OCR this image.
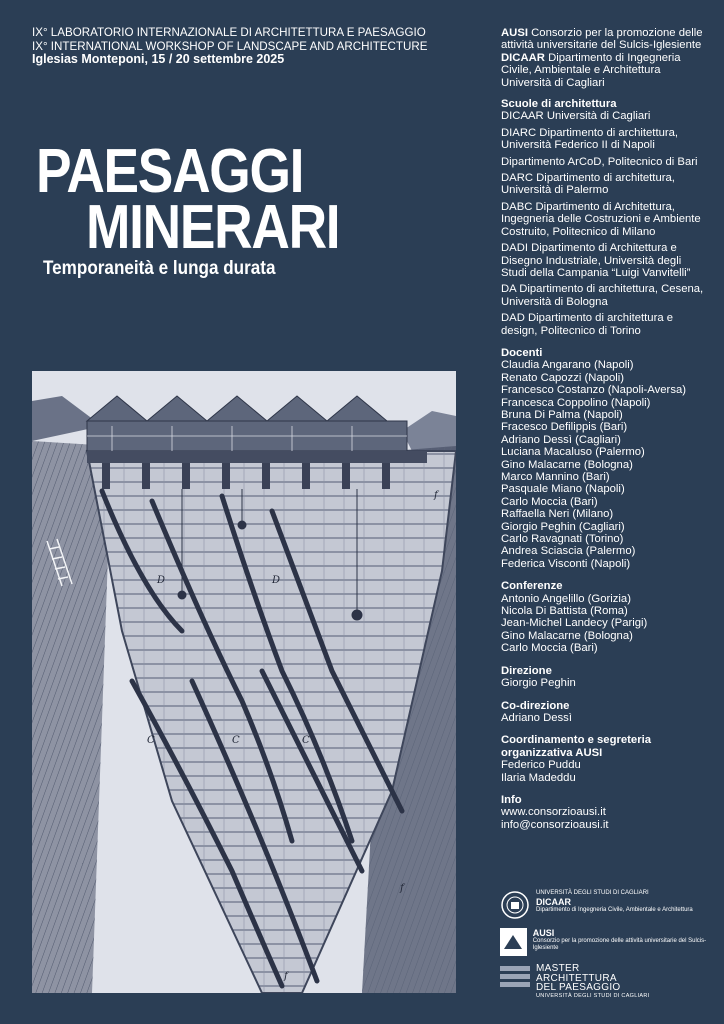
IX° LABORATORIO INTERNAZIONALE DI ARCHITETTURA E PAESAGGIO
IX° INTERNATIONAL WORKSHOP OF LANDSCAPE AND ARCHITECTURE
Iglesias Monteponi, 15 / 20 settembre 2025
PAESAGGI
MINERARI
Temporaneità e lunga durata
D	D
C	C	C
f
f
f
AUSI Consorzio per la promozione delle attività universitarie del Sulcis-Iglesiente
DICAAR Dipartimento di Ingegneria Civile, Ambientale e Architettura Università di Cagliari
Scuole di architettura
DICAAR Università di Cagliari
DIARC Dipartimento di architettura, Università Federico II di Napoli
Dipartimento ArCoD, Politecnico di Bari
DARC Dipartimento di architettura, Università di Palermo
DABC Dipartimento di Architettura, Ingegneria delle Costruzioni e Ambiente Costruito, Politecnico di Milano
DADI Dipartimento di Architettura e Disegno Industriale, Università degli Studi della Campania “Luigi Vanvitelli”
DA Dipartimento di architettura, Cesena, Università di Bologna
DAD Dipartimento di architettura e design, Politecnico di Torino
Docenti
Claudia Angarano (Napoli)
Renato Capozzi (Napoli)
Francesco Costanzo (Napoli-Aversa)
Francesca Coppolino (Napoli)
Bruna Di Palma (Napoli)
Fracesco Defilippis (Bari)
Adriano Dessì (Cagliari)
Luciana Macaluso (Palermo)
Gino Malacarne (Bologna)
Marco Mannino (Bari)
Pasquale Miano (Napoli)
Carlo Moccia (Bari)
Raffaella Neri (Milano)
Giorgio Peghin (Cagliari)
Carlo Ravagnati (Torino)
Andrea Sciascia (Palermo)
Federica Visconti (Napoli)
Conferenze
Antonio Angelillo (Gorizia)
Nicola Di Battista (Roma)
Jean-Michel Landecy (Parigi)
Gino Malacarne (Bologna)
Carlo Moccia (Bari)
Direzione
Giorgio Peghin
Co-direzione
Adriano Dessì
Coordinamento e segreteria organizzativa AUSI
Federico Puddu
Ilaria Madeddu
Info
www.consorzioausi.it
info@consorzioausi.it
UNIVERSITÀ DEGLI STUDI DI CAGLIARI
DICAAR
Dipartimento di Ingegneria Civile, Ambientale e Architettura
AUSI
Consorzio per la promozione delle attività universitarie del Sulcis-Iglesiente
MASTER
ARCHITETTURA
DEL PAESAGGIO
UNIVERSITÀ DEGLI STUDI DI CAGLIARI
